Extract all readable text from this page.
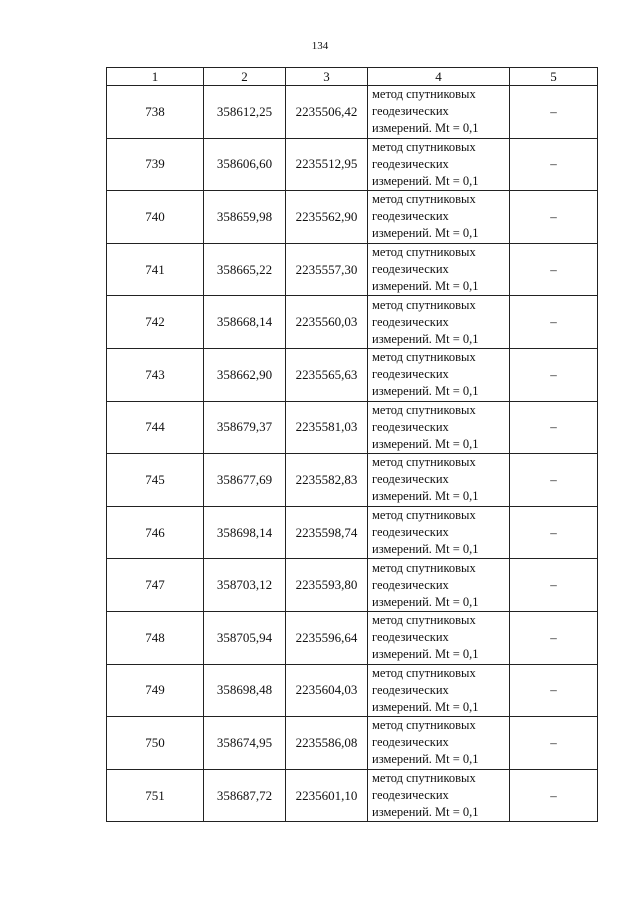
134
1	2	3	4	5
738	358612,25	2235506,42	метод спутниковых
геодезических
измерений. Mt = 0,1	–
739	358606,60	2235512,95	метод спутниковых
геодезических
измерений. Mt = 0,1	–
740	358659,98	2235562,90	метод спутниковых
геодезических
измерений. Mt = 0,1	–
741	358665,22	2235557,30	метод спутниковых
геодезических
измерений. Mt = 0,1	–
742	358668,14	2235560,03	метод спутниковых
геодезических
измерений. Mt = 0,1	–
743	358662,90	2235565,63	метод спутниковых
геодезических
измерений. Mt = 0,1	–
744	358679,37	2235581,03	метод спутниковых
геодезических
измерений. Mt = 0,1	–
745	358677,69	2235582,83	метод спутниковых
геодезических
измерений. Mt = 0,1	–
746	358698,14	2235598,74	метод спутниковых
геодезических
измерений. Mt = 0,1	–
747	358703,12	2235593,80	метод спутниковых
геодезических
измерений. Mt = 0,1	–
748	358705,94	2235596,64	метод спутниковых
геодезических
измерений. Mt = 0,1	–
749	358698,48	2235604,03	метод спутниковых
геодезических
измерений. Mt = 0,1	–
750	358674,95	2235586,08	метод спутниковых
геодезических
измерений. Mt = 0,1	–
751	358687,72	2235601,10	метод спутниковых
геодезических
измерений. Mt = 0,1	–
